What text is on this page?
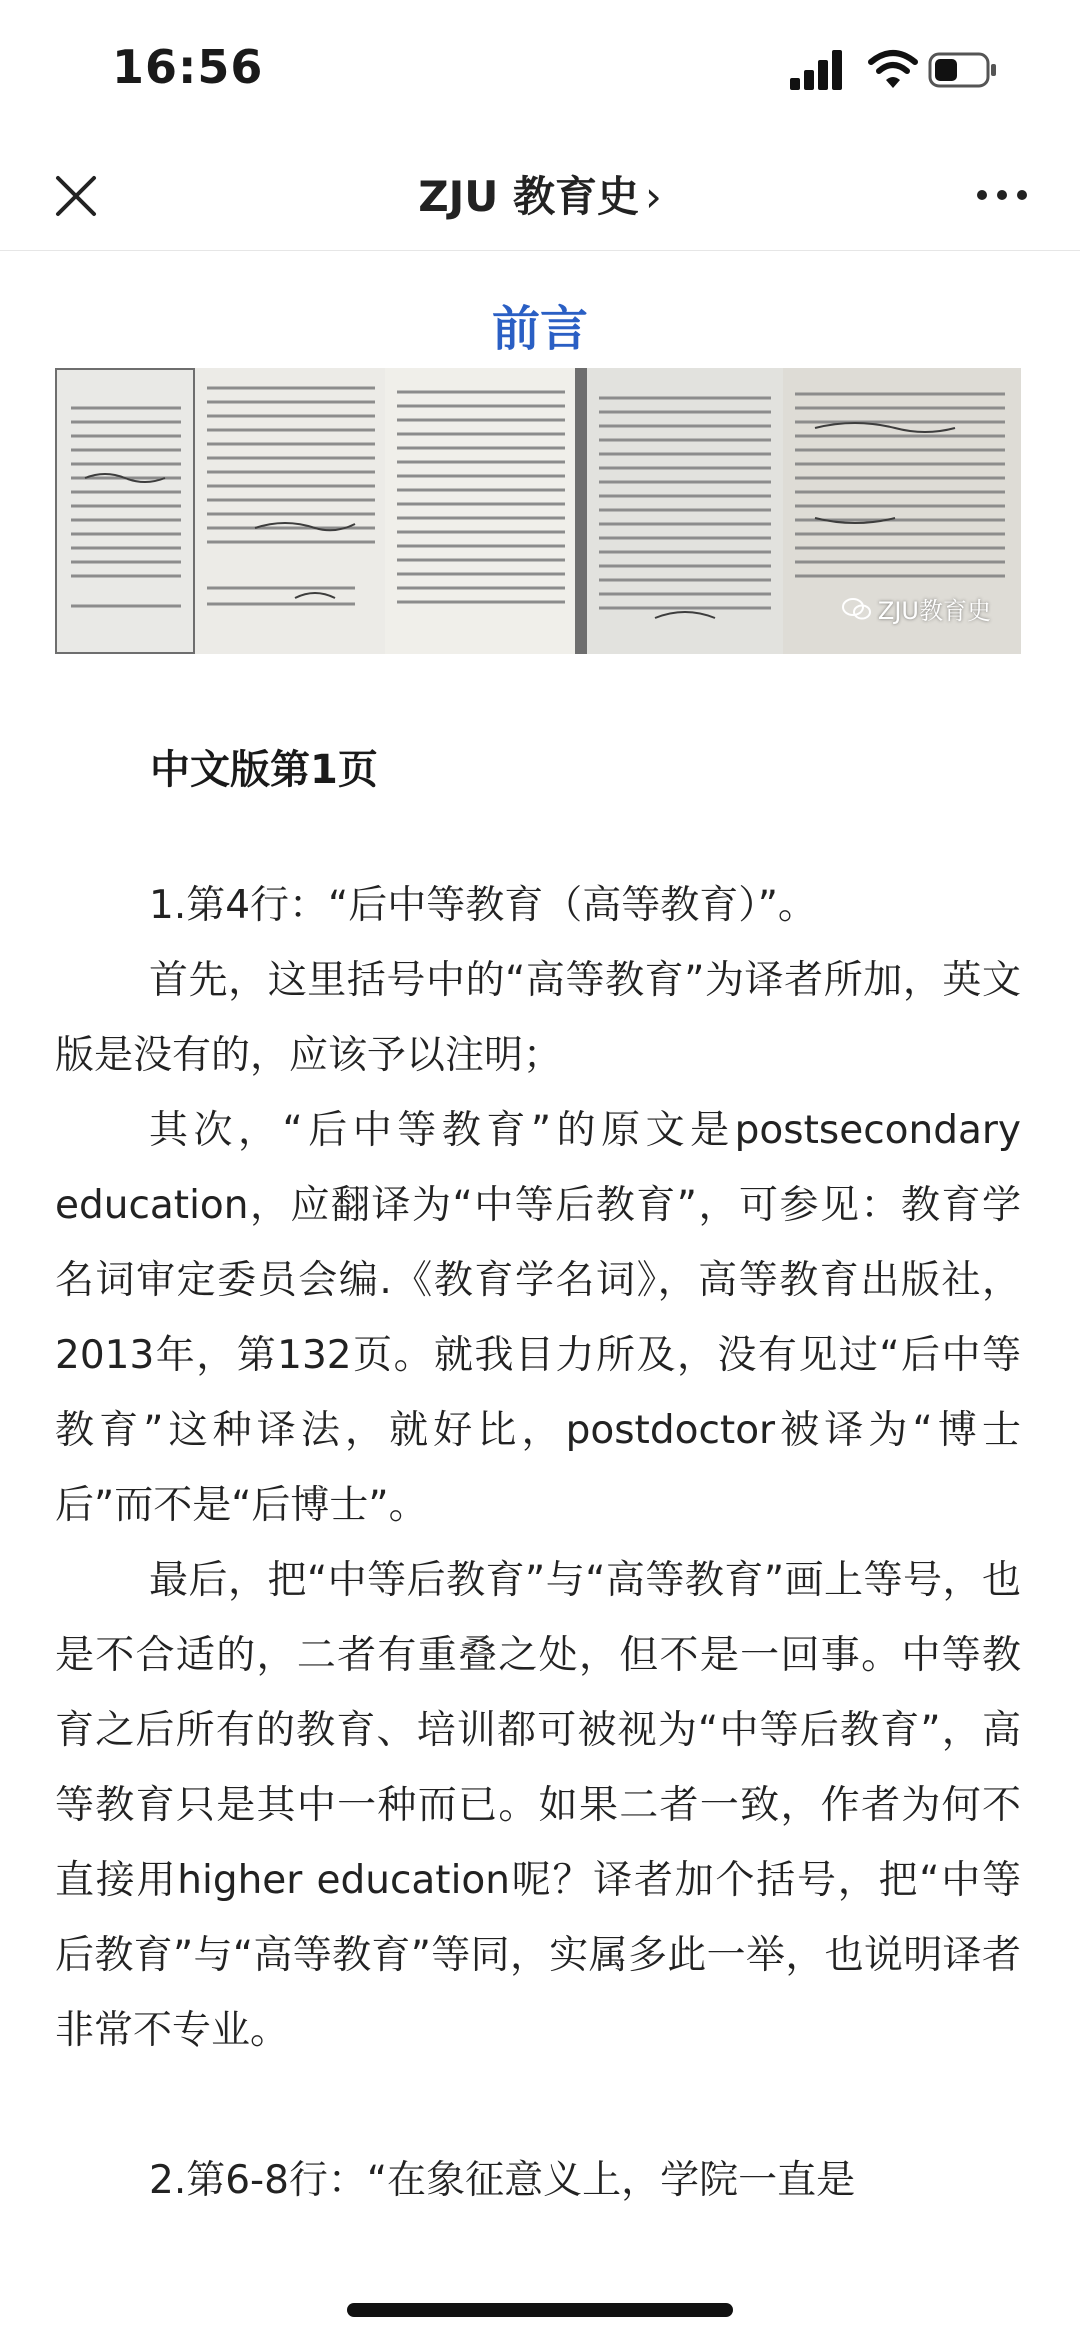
16:56
ZJU 教育史 ›
前言
ZJU教育史
中文版第1页

1.第4行：“后中等教育（高等教育）”。

首先，这里括号中的“高等教育”为译者所加，英文版是没有的，应该予以注明；

其次，“后中等教育”的原文是postsecondary education，应翻译为“中等后教育”，可参见：教育学名词审定委员会编.《教育学名词》，高等教育出版社，2013年，第132页。就我目力所及，没有见过“后中等教育”这种译法，就好比，postdoctor被译为“博士后”而不是“后博士”。

最后，把“中等后教育”与“高等教育”画上等号，也是不合适的，二者有重叠之处，但不是一回事。中等教育之后所有的教育、培训都可被视为“中等后教育”，高等教育只是其中一种而已。如果二者一致，作者为何不直接用higher education呢？译者加个括号，把“中等后教育”与“高等教育”等同，实属多此一举，也说明译者非常不专业。

2.第6-8行：“在象征意义上，学院一直是
